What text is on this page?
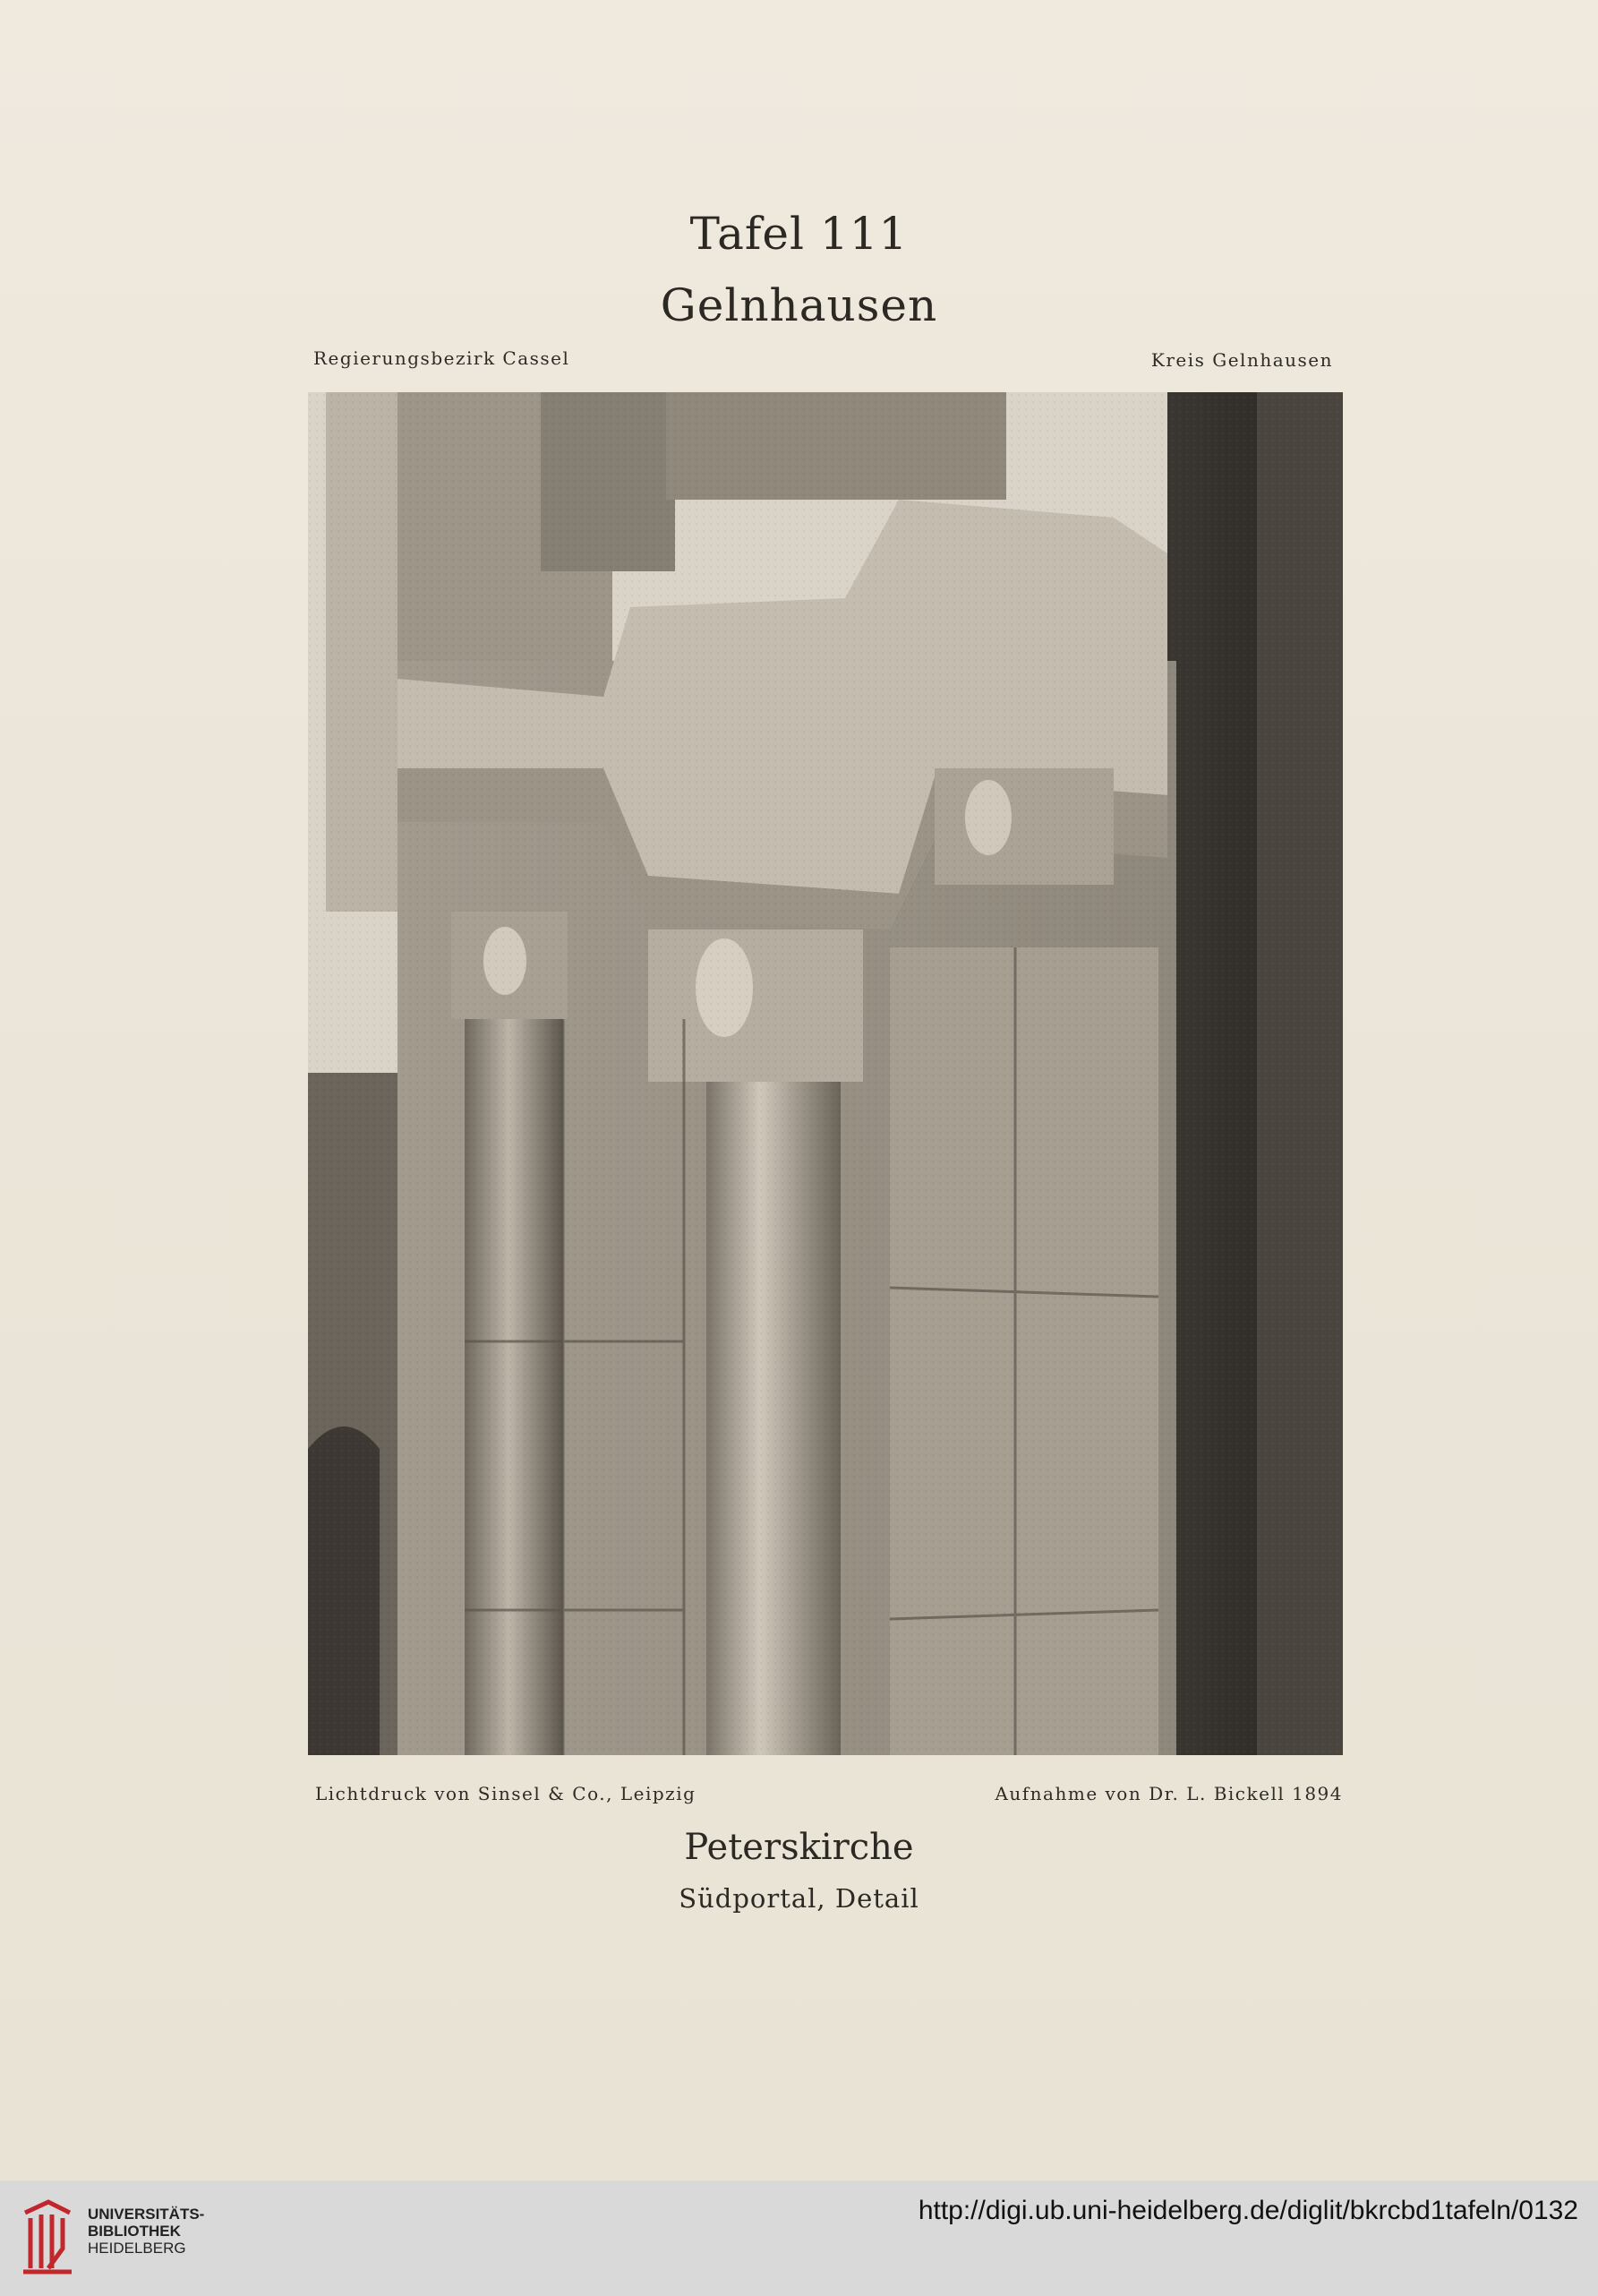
Tafel 111
Gelnhausen
Regierungsbezirk Cassel	Kreis Gelnhausen
Lichtdruck von Sinsel & Co., Leipzig	Aufnahme von Dr. L. Bickell 1894
Peterskirche
Südportal, Detail
UNIVERSITÄTS-
BIBLIOTHEK
HEIDELBERG
http://digi.ub.uni-heidelberg.de/diglit/bkrcbd1tafeln/0132
